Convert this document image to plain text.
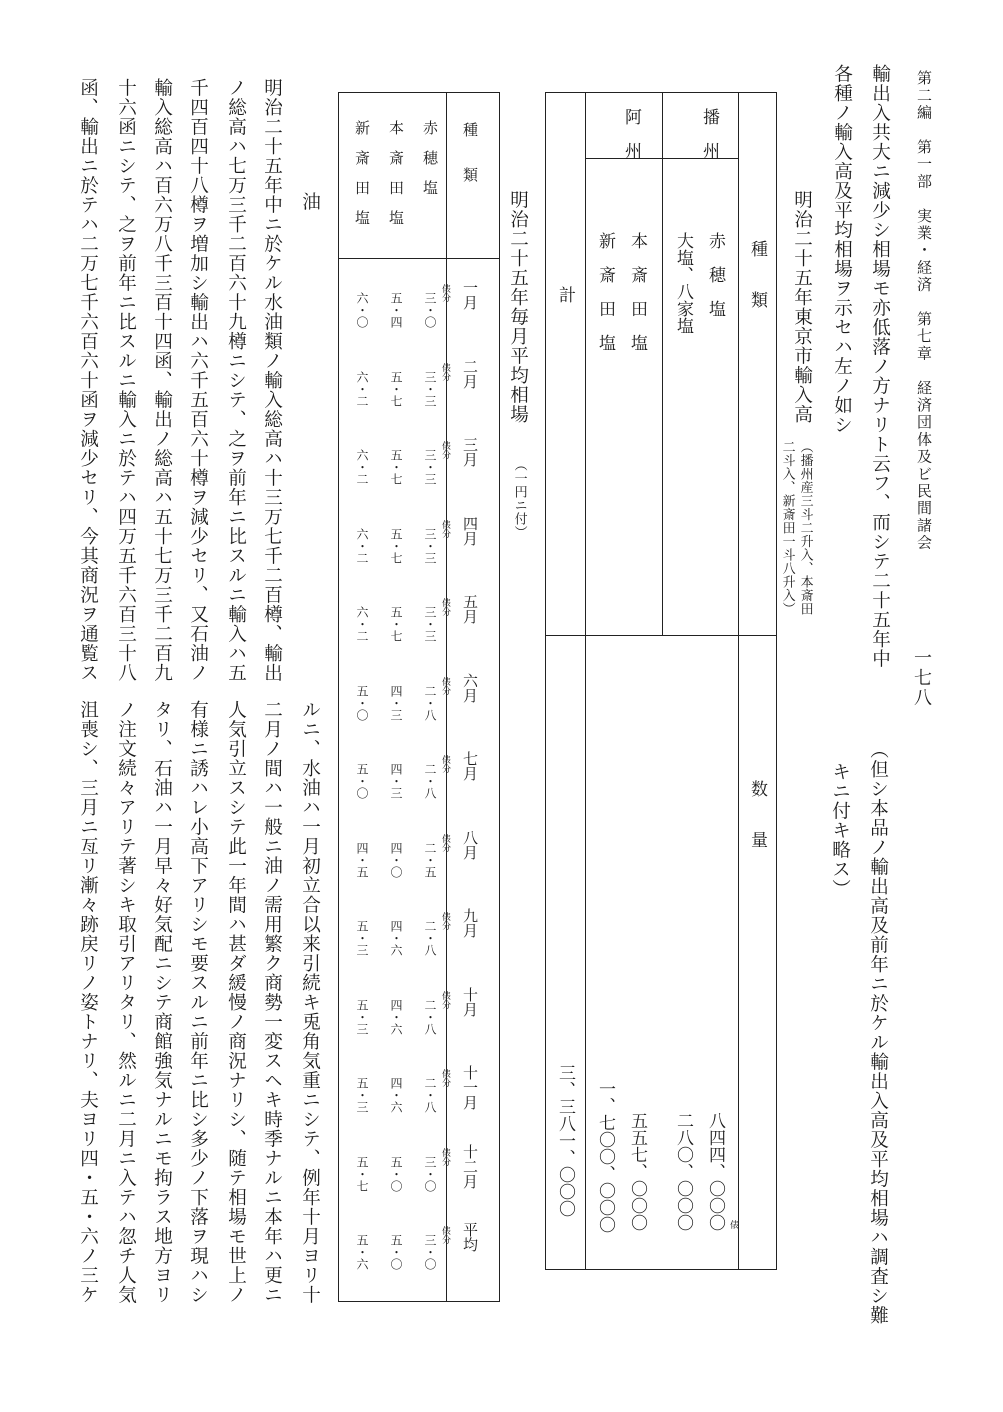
一七八
第二編　第一部　実業・経済　第七章　経済団体及ビ民間諸会
輸出入共大ニ減少シ相場モ亦低落ノ方ナリト云フ、而シテ二十五年中
各種ノ輸入高及平均相場ヲ示セハ左ノ如シ
（但シ本品ノ輸出高及前年ニ於ケル輸出入高及平均相場ハ調査シ難
キニ付キ略ス）
明治二十五年東京市輸入高
（播州産三斗二升入、本斎田
二斗入、新斎田一斗八升入）
種　　類
数　　量
播　州
阿　州
赤　穂　塩
大塩、八家塩
本　斎　田　塩
新　斎　田　塩
八四四、〇〇〇 俵
二八〇、〇〇〇
五五七、〇〇〇
一、七〇〇、〇〇〇
計
三、三八一、〇〇〇
明治二十五年毎月平均相場
（一円ニ付）
種　　類
赤　穂　塩
本　斎　田　塩
新　斎　田　塩
一月
三・〇 俵分
五・四
六・〇
二月
三・三 俵分
五・七
六・二
三月
三・三 俵分
五・七
六・二
四月
三・三 俵分
五・七
六・二
五月
三・三 俵分
五・七
六・二
六月
二・八 俵分
四・三
五・〇
七月
二・八 俵分
四・三
五・〇
八月
二・五 俵分
四・〇
四・五
九月
二・八 俵分
四・六
五・三
十月
二・八 俵分
四・六
五・三
十一月
二・八 俵分
四・六
五・三
十二月
三・〇 俵分
五・〇
五・七
平均
三・〇 俵分
五・〇
五・六
油
明治二十五年中ニ於ケル水油類ノ輸入総高ハ十三万七千二百樽、輸出
ノ総高ハ七万三千二百六十九樽ニシテ、之ヲ前年ニ比スルニ輸入ハ五
千四百四十八樽ヲ増加シ輸出ハ六千五百六十樽ヲ減少セリ、又石油ノ
輸入総高ハ百六万八千三百十四函、輸出ノ総高ハ五十七万三千二百九
十六函ニシテ、之ヲ前年ニ比スルニ輸入ニ於テハ四万五千六百三十八
函、輸出ニ於テハ二万七千六百六十函ヲ減少セリ、今其商況ヲ通覧ス
ルニ、水油ハ一月初立合以来引続キ兎角気重ニシテ、例年十月ヨリ十
二月ノ間ハ一般ニ油ノ需用繁ク商勢一変スヘキ時季ナルニ本年ハ更ニ
人気引立スシテ此一年間ハ甚ダ緩慢ノ商況ナリシ、随テ相場モ世上ノ
有様ニ誘ハレ小高下アリシモ要スルニ前年ニ比シ多少ノ下落ヲ現ハシ
タリ、石油ハ一月早々好気配ニシテ商館強気ナルニモ拘ラス地方ヨリ
ノ注文続々アリテ著シキ取引アリタリ、然ルニ二月ニ入テハ忽チ人気
沮喪シ、三月ニ亙リ漸々跡戻リノ姿トナリ、夫ヨリ四・五・六ノ三ケ
